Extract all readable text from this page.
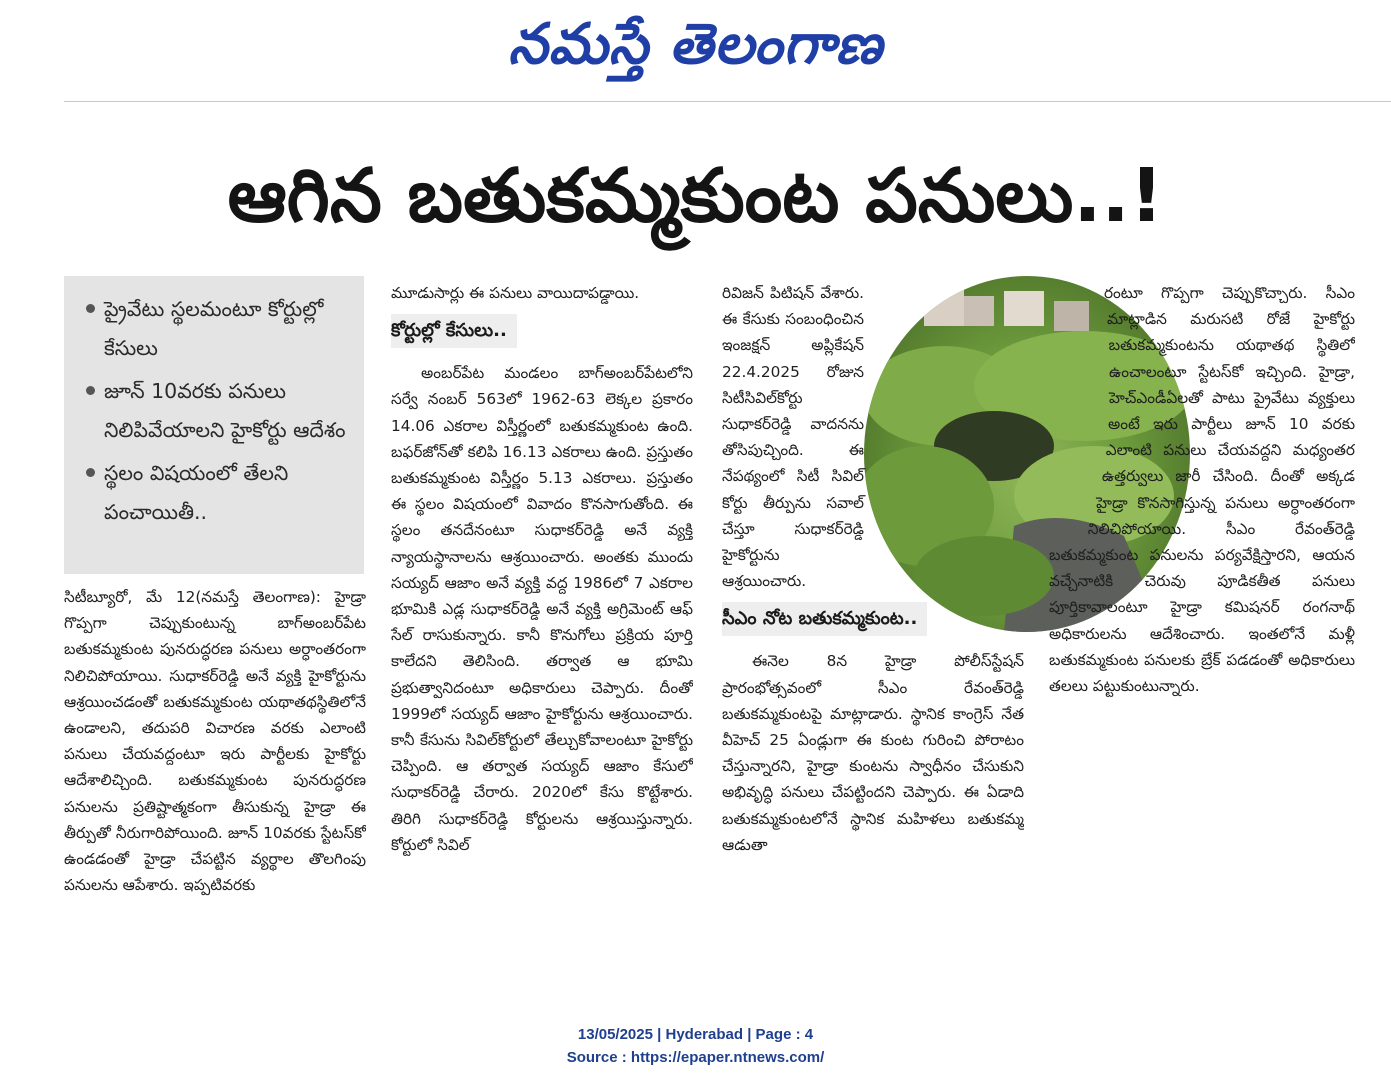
నమస్తే తెలంగాణ
ఆగిన బతుకమ్మకుంట పనులు..!
ప్రైవేటు స్థలమంటూ కోర్టుల్లో కేసులు
జూన్ 10వరకు పనులు నిలిపివేయాలని హైకోర్టు ఆదేశం
స్థలం విషయంలో తేలని పంచాయితీ..

సిటీబ్యూరో, మే 12(నమస్తే తెలంగాణ): హైడ్రా గొప్పగా చెప్పుకుంటున్న బాగ్‌అంబర్‌పేట బతుకమ్మకుంట పునరుద్ధరణ పనులు అర్ధాంతరంగా నిలిచిపోయాయి. సుధాకర్‌రెడ్డి అనే వ్యక్తి హైకోర్టును ఆశ్రయించడంతో బతుకమ్మకుంట యథాతథస్థితిలోనే ఉండాలని, తదుపరి విచారణ వరకు ఎలాంటి పనులు చేయవద్దంటూ ఇరు పార్టీలకు హైకోర్టు ఆదేశాలిచ్చింది. బతుకమ్మకుంట పునరుద్ధరణ పనులను ప్రతిష్టాత్మకంగా తీసుకున్న హైడ్రా ఈ తీర్పుతో నీరుగారిపోయింది. జూన్ 10వరకు స్టేటస్‌కో ఉండడంతో హైడ్రా చేపట్టిన వ్యర్థాల తొలగింపు పనులను ఆపేశారు. ఇప్పటివరకు

మూడుసార్లు ఈ పనులు వాయిదాపడ్డాయి.

కోర్టుల్లో కేసులు..

అంబర్‌పేట మండలం బాగ్‌అంబర్‌పేటలోని సర్వే నంబర్ 563లో 1962-63 లెక్కల ప్రకారం 14.06 ఎకరాల విస్తీర్ణంలో బతుకమ్మకుంట ఉంది. బఫర్‌జోన్‌తో కలిపి 16.13 ఎకరాలు ఉంది. ప్రస్తుతం బతుకమ్మకుంట విస్తీర్ణం 5.13 ఎకరాలు. ప్రస్తుతం ఈ స్థలం విషయంలో వివాదం కొనసాగుతోంది. ఈ స్థలం తనదేనంటూ సుధాకర్‌రెడ్డి అనే వ్యక్తి న్యాయస్థానాలను ఆశ్రయించారు. అంతకు ముందు సయ్యద్ ఆజాం అనే వ్యక్తి వద్ద 1986లో 7 ఎకరాల భూమికి ఎడ్ల సుధాకర్‌రెడ్డి అనే వ్యక్తి అగ్రిమెంట్ ఆఫ్ సేల్ రాసుకున్నారు. కానీ కొనుగోలు ప్రక్రియ పూర్తి కాలేదని తెలిసింది. తర్వాత ఆ భూమి ప్రభుత్వానిదంటూ అధికారులు చెప్పారు. దీంతో 1999లో సయ్యద్ ఆజాం హైకోర్టును ఆశ్రయించారు. కానీ కేసును సివిల్‌కోర్టులో తేల్చుకోవాలంటూ హైకోర్టు చెప్పింది. ఆ తర్వాత సయ్యద్ ఆజాం కేసులో సుధాకర్‌రెడ్డి చేరారు. 2020లో కేసు కొట్టేశారు. తిరిగి సుధాకర్‌రెడ్డి కోర్టులను ఆశ్రయిస్తున్నారు. కోర్టులో సివిల్

రివిజన్ పిటిషన్ వేశారు. ఈ కేసుకు సంబంధించిన ఇంజక్షన్ అప్లికేషన్ 22.4.2025 రోజున సిటీసివిల్‌కోర్టు సుధాకర్‌రెడ్డి వాదనను తోసిపుచ్చింది. ఈ నేపథ్యంలో సిటీ సివిల్ కోర్టు తీర్పును సవాల్ చేస్తూ సుధాకర్‌రెడ్డి హైకోర్టును ఆశ్రయించారు.

సీఎం నోట బతుకమ్మకుంట..

ఈనెల 8న హైడ్రా పోలీస్‌స్టేషన్ ప్రారంభోత్సవంలో సీఎం రేవంత్‌రెడ్డి బతుకమ్మకుంటపై మాట్లాడారు. స్థానిక కాంగ్రెస్ నేత వీహెచ్ 25 ఏండ్లుగా ఈ కుంట గురించి పోరాటం చేస్తున్నారని, హైడ్రా కుంటను స్వాధీనం చేసుకుని అభివృద్ధి పనులు చేపట్టిందని చెప్పారు. ఈ ఏడాది బతుకమ్మకుంటలోనే స్థానిక మహిళలు బతుకమ్మ ఆడుతా

రంటూ గొప్పగా చెప్పుకొచ్చారు. సీఎం మాట్లాడిన మరుసటి రోజే హైకోర్టు బతుకమ్మకుంటను యథాతథ స్థితిలో ఉంచాలంటూ స్టేటస్‌కో ఇచ్చింది. హైడ్రా, హెచ్‌ఎండీఏలతో పాటు ప్రైవేటు వ్యక్తులు అంటే ఇరు పార్టీలు జూన్ 10 వరకు ఎలాంటి పనులు చేయవద్దని మధ్యంతర ఉత్తర్వులు జారీ చేసింది. దీంతో అక్కడ హైడ్రా కొనసాగిస్తున్న పనులు అర్ధాంతరంగా నిలిచిపోయాయి. సీఎం రేవంత్‌రెడ్డి బతుకమ్మకుంట పనులను పర్యవేక్షిస్తారని, ఆయన వచ్చేనాటికి చెరువు పూడికతీత పనులు పూర్తికావాలంటూ హైడ్రా కమిషనర్ రంగనాథ్ అధికారులను ఆదేశించారు. ఇంతలోనే మళ్లీ బతుకమ్మకుంట పనులకు బ్రేక్ పడడంతో అధికారులు తలలు పట్టుకుంటున్నారు.

13/05/2025 | Hyderabad | Page : 4
Source : https://epaper.ntnews.com/
